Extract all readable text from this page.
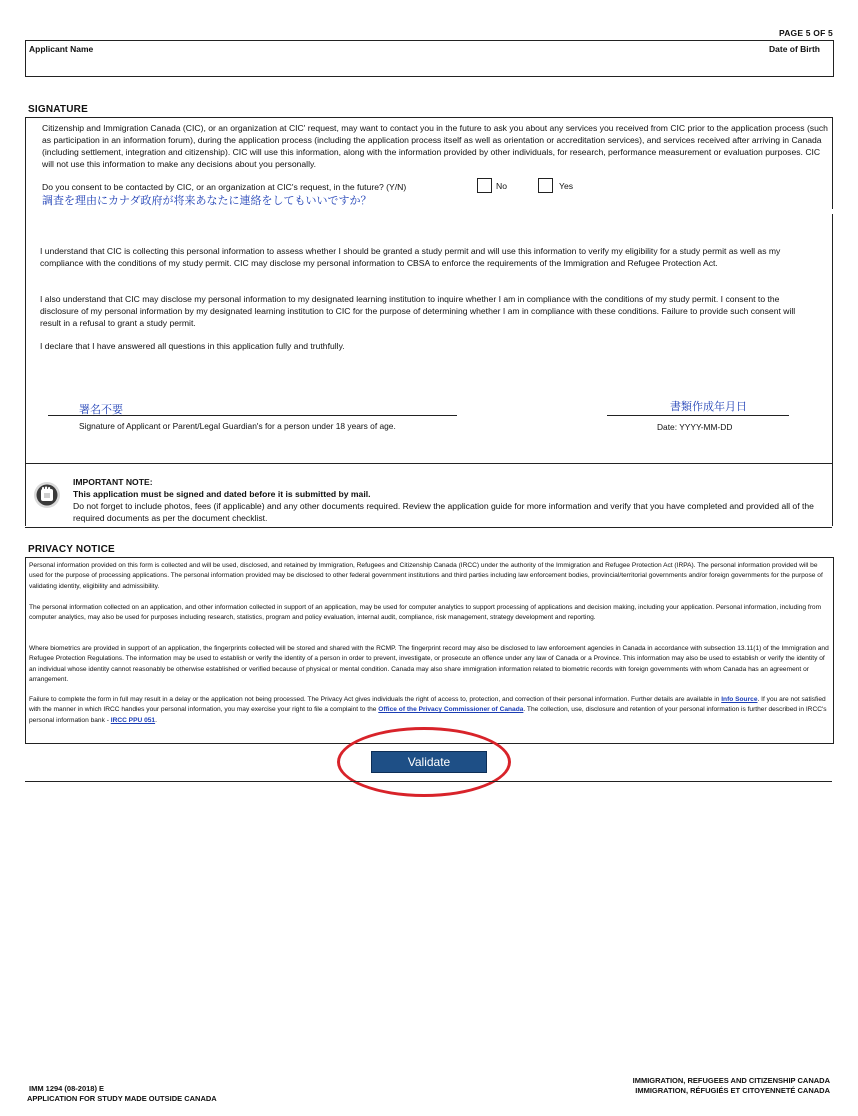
PAGE 5 OF 5
Applicant Name	Date of Birth
SIGNATURE
Citizenship and Immigration Canada (CIC), or an organization at CIC' request, may want to contact you in the future to ask you about any services you received from CIC prior to the application process (such as participation in an information forum), during the application process (including the application process itself as well as orientation or accreditation services), and services received after arriving in Canada (including settlement, integration and citizenship). CIC will use this information, along with the information provided by other individuals, for research, performance measurement or evaluation purposes. CIC will not use this information to make any decisions about you personally.
Do you consent to be contacted by CIC, or an organization at CIC's request, in the future? (Y/N)	No	Yes
調査を理由にカナダ政府が将来あなたに連絡をしてもいいですか？
I understand that CIC is collecting this personal information to assess whether I should be granted a study permit and will use this information to verify my eligibility for a study permit as well as my compliance with the conditions of my study permit. CIC may disclose my personal information to CBSA to enforce the requirements of the Immigration and Refugee Protection Act.
I also understand that CIC may disclose my personal information to my designated learning institution to inquire whether I am in compliance with the conditions of my study permit. I consent to the disclosure of my personal information by my designated learning institution to CIC for the purpose of determining whether I am in compliance with these conditions. Failure to provide such consent will result in a refusal to grant a study permit.
I declare that I have answered all questions in this application fully and truthfully.
署名不要
Signature of Applicant or Parent/Legal Guardian's for a person under 18 years of age.
書類作成年月日
Date: YYYY-MM-DD
IMPORTANT NOTE:
This application must be signed and dated before it is submitted by mail.
Do not forget to include photos, fees (if applicable) and any other documents required. Review the application guide for more information and verify that you have completed and provided all of the required documents as per the document checklist.
PRIVACY NOTICE
Personal information provided on this form is collected and will be used, disclosed, and retained by Immigration, Refugees and Citizenship Canada (IRCC) under the authority of the Immigration and Refugee Protection Act (IRPA). The personal information provided will be used for the purpose of processing applications. The personal information provided may be disclosed to other federal government institutions and third parties including law enforcement bodies, provincial/territorial governments and/or foreign governments for the purpose of validating identity, eligibility and admissibility.
The personal information collected on an application, and other information collected in support of an application, may be used for computer analytics to support processing of applications and decision making, including your application. Personal information, including from computer analytics, may also be used for purposes including research, statistics, program and policy evaluation, internal audit, compliance, risk management, strategy development and reporting.
Where biometrics are provided in support of an application, the fingerprints collected will be stored and shared with the RCMP. The fingerprint record may also be disclosed to law enforcement agencies in Canada in accordance with subsection 13.11(1) of the Immigration and Refugee Protection Regulations. The information may be used to establish or verify the identity of a person in order to prevent, investigate, or prosecute an offence under any law of Canada or a Province. This information may also be used to establish or verify the identity of an individual whose identity cannot reasonably be otherwise established or verified because of physical or mental condition. Canada may also share immigration information related to biometric records with foreign governments with whom Canada has an agreement or arrangement.
Failure to complete the form in full may result in a delay or the application not being processed. The Privacy Act gives individuals the right of access to, protection, and correction of their personal information. Further details are available in Info Source. If you are not satisfied with the manner in which IRCC handles your personal information, you may exercise your right to file a complaint to the Office of the Privacy Commissioner of Canada. The collection, use, disclosure and retention of your personal information is further described in IRCC's personal information bank - IRCC PPU 051.
Validate
IMM 1294 (08-2018) E
APPLICATION FOR STUDY MADE OUTSIDE CANADA
IMMIGRATION, REFUGEES AND CITIZENSHIP CANADA
IMMIGRATION, RÉFUGIÉS ET CITOYENNETÉ CANADA
